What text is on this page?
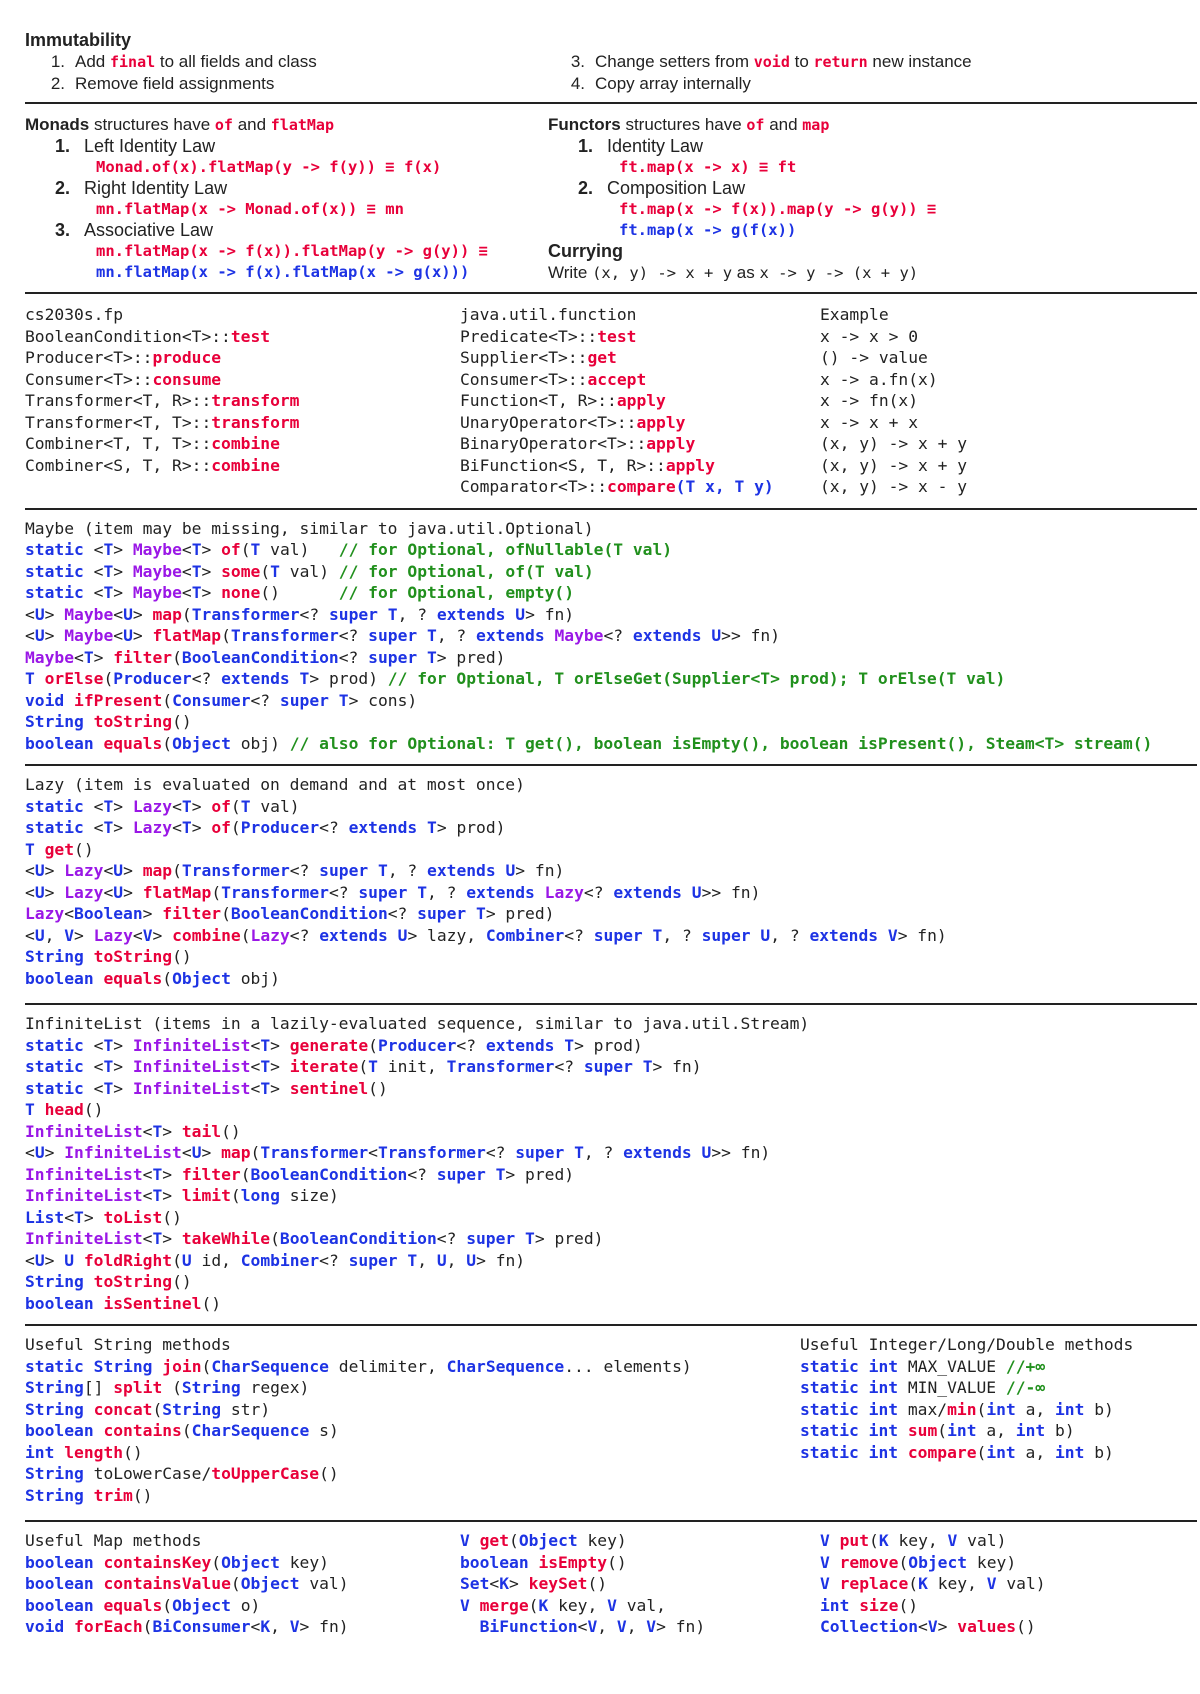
Immutability
1. Add final to all fields and class
2. Remove field assignments
3. Change setters from void to return new instance
4. Copy array internally
Monads structures have of and flatMap
1. Left Identity Law
Monad.of(x).flatMap(y -> f(y)) ≡ f(x)
2. Right Identity Law
mn.flatMap(x -> Monad.of(x)) ≡ mn
3. Associative Law
mn.flatMap(x -> f(x)).flatMap(y -> g(y)) ≡
mn.flatMap(x -> f(x).flatMap(x -> g(x)))
Functors structures have of and map
1. Identity Law
ft.map(x -> x) ≡ ft
2. Composition Law
ft.map(x -> f(x)).map(y -> g(y)) ≡
ft.map(x -> g(f(x))
Currying
Write (x, y) -> x + y as x -> y -> (x + y)
cs2030s.fp
BooleanCondition<T>::test
Producer<T>::produce
Consumer<T>::consume
Transformer<T, R>::transform
Transformer<T, T>::transform
Combiner<T, T, T>::combine
Combiner<S, T, R>::combine
java.util.function
Predicate<T>::test
Supplier<T>::get
Consumer<T>::accept
Function<T, R>::apply
UnaryOperator<T>::apply
BinaryOperator<T>::apply
BiFunction<S, T, R>::apply
Comparator<T>::compare(T x, T y)
Example
x -> x > 0
() -> value
x -> a.fn(x)
x -> fn(x)
x -> x + x
(x, y) -> x + y
(x, y) -> x + y
(x, y) -> x - y
Maybe (item may be missing, similar to java.util.Optional)
static <T> Maybe<T> of(T val)   // for Optional, ofNullable(T val)
static <T> Maybe<T> some(T val) // for Optional, of(T val)
static <T> Maybe<T> none()      // for Optional, empty()
<U> Maybe<U> map(Transformer<? super T, ? extends U> fn)
<U> Maybe<U> flatMap(Transformer<? super T, ? extends Maybe<? extends U>> fn)
Maybe<T> filter(BooleanCondition<? super T> pred)
T orElse(Producer<? extends T> prod) // for Optional, T orElseGet(Supplier<T> prod); T orElse(T val)
void ifPresent(Consumer<? super T> cons)
String toString()
boolean equals(Object obj) // also for Optional: T get(), boolean isEmpty(), boolean isPresent(), Steam<T> stream()
Lazy (item is evaluated on demand and at most once)
static <T> Lazy<T> of(T val)
static <T> Lazy<T> of(Producer<? extends T> prod)
T get()
<U> Lazy<U> map(Transformer<? super T, ? extends U> fn)
<U> Lazy<U> flatMap(Transformer<? super T, ? extends Lazy<? extends U>> fn)
Lazy<Boolean> filter(BooleanCondition<? super T> pred)
<U, V> Lazy<V> combine(Lazy<? extends U> lazy, Combiner<? super T, ? super U, ? extends V> fn)
String toString()
boolean equals(Object obj)
InfiniteList (items in a lazily-evaluated sequence, similar to java.util.Stream)
static <T> InfiniteList<T> generate(Producer<? extends T> prod)
static <T> InfiniteList<T> iterate(T init, Transformer<? super T> fn)
static <T> InfiniteList<T> sentinel()
T head()
InfiniteList<T> tail()
<U> InfiniteList<U> map(Transformer<Transformer<? super T, ? extends U>> fn)
InfiniteList<T> filter(BooleanCondition<? super T> pred)
InfiniteList<T> limit(long size)
List<T> toList()
InfiniteList<T> takeWhile(BooleanCondition<? super T> pred)
<U> U foldRight(U id, Combiner<? super T, U, U> fn)
String toString()
boolean isSentinel()
Useful String methods
static String join(CharSequence delimiter, CharSequence... elements)
String[] split (String regex)
String concat(String str)
boolean contains(CharSequence s)
int length()
String toLowerCase/toUpperCase()
String trim()
Useful Integer/Long/Double methods
static int MAX_VALUE //+∞
static int MIN_VALUE //-∞
static int max/min(int a, int b)
static int sum(int a, int b)
static int compare(int a, int b)
Useful Map methods
boolean containsKey(Object key)
boolean containsValue(Object val)
boolean equals(Object o)
void forEach(BiConsumer<K, V> fn)
V get(Object key)
boolean isEmpty()
Set<K> keySet()
V merge(K key, V val,
BiFunction<V, V, V> fn)
V put(K key, V val)
V remove(Object key)
V replace(K key, V val)
int size()
Collection<V> values()
